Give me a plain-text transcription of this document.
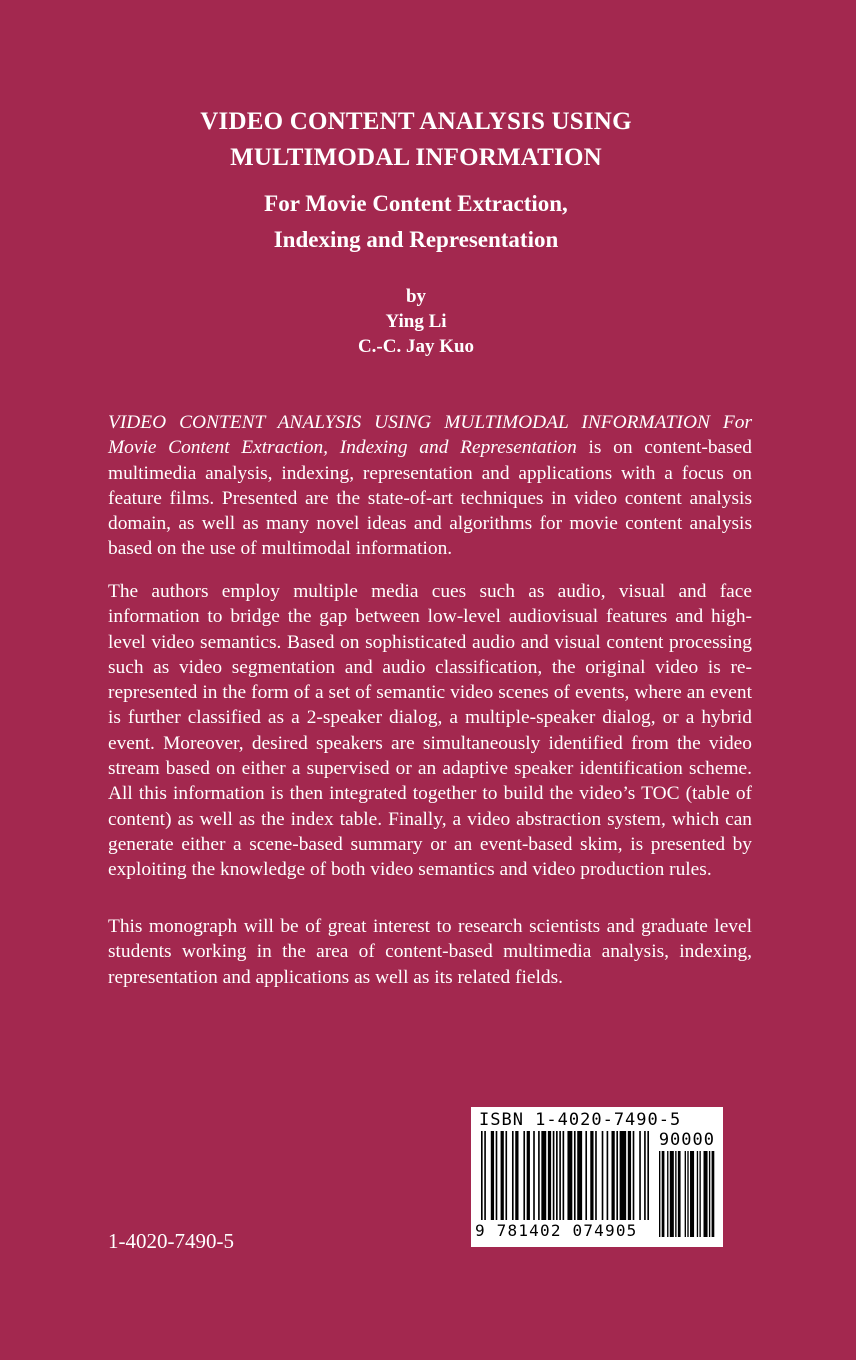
VIDEO CONTENT ANALYSIS USING
MULTIMODAL INFORMATION
For Movie Content Extraction,
Indexing and Representation
by
Ying Li
C.-C. Jay Kuo

VIDEO CONTENT ANALYSIS USING MULTIMODAL INFORMATION For Movie Content Extraction, Indexing and Representation is on content-based multimedia analysis, indexing, representation and applications with a focus on feature films. Presented are the state-of-art techniques in video content analysis domain, as well as many novel ideas and algorithms for movie content analysis based on the use of multimodal information.

The authors employ multiple media cues such as audio, visual and face information to bridge the gap between low-level audiovisual features and high-level video semantics. Based on sophisticated audio and visual content processing such as video segmentation and audio classification, the original video is re-represented in the form of a set of semantic video scenes of events, where an event is further classified as a 2-speaker dialog, a multiple-speaker dialog, or a hybrid event. Moreover, desired speakers are simultaneously identified from the video stream based on either a supervised or an adaptive speaker identification scheme. All this information is then integrated together to build the video’s TOC (table of content) as well as the index table. Finally, a video abstraction system, which can generate either a scene-based summary or an event-based skim, is presented by exploiting the knowledge of both video semantics and video production rules.

This monograph will be of great interest to research scientists and graduate level students working in the area of content-based multimedia analysis, indexing, representation and applications as well as its related fields.

1-4020-7490-5
ISBN 1-4020-7490-5
90000
9 781402 074905
